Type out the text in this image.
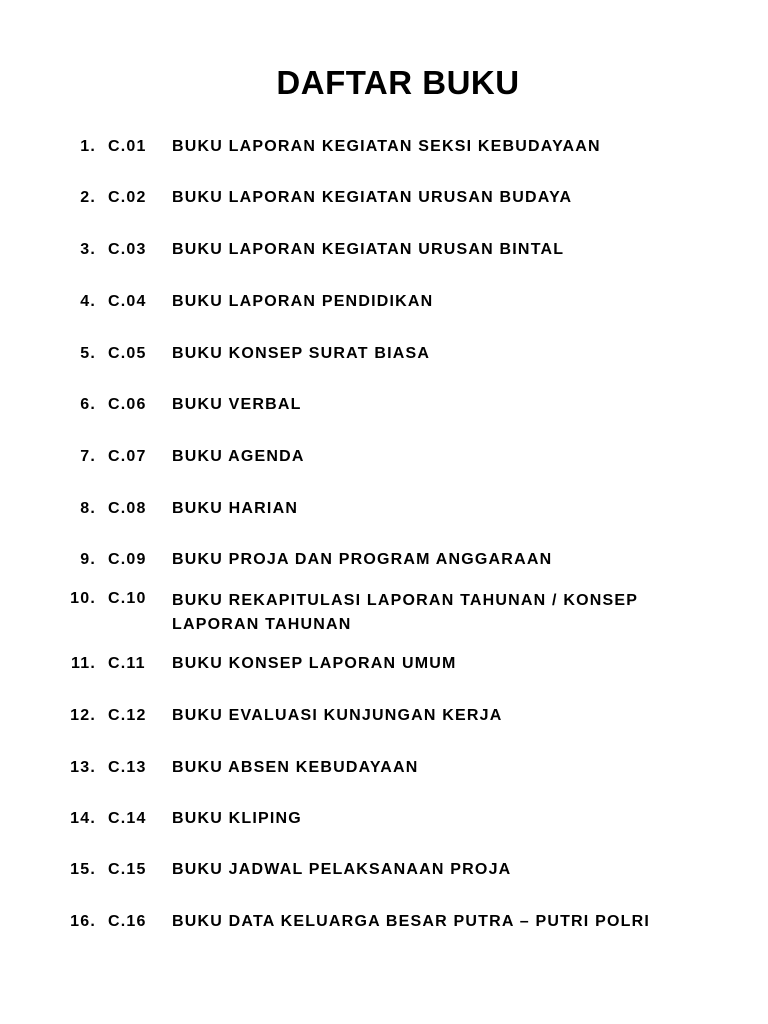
DAFTAR BUKU
1. C.01 BUKU LAPORAN KEGIATAN SEKSI KEBUDAYAAN
2. C.02 BUKU LAPORAN KEGIATAN URUSAN BUDAYA
3. C.03 BUKU LAPORAN KEGIATAN URUSAN BINTAL
4. C.04 BUKU LAPORAN PENDIDIKAN
5. C.05 BUKU KONSEP SURAT BIASA
6. C.06 BUKU VERBAL
7. C.07 BUKU AGENDA
8. C.08 BUKU HARIAN
9. C.09 BUKU PROJA DAN PROGRAM ANGGARAAN
10. C.10 BUKU REKAPITULASI LAPORAN TAHUNAN / KONSEP
LAPORAN TAHUNAN
11. C.11 BUKU KONSEP LAPORAN UMUM
12. C.12 BUKU EVALUASI KUNJUNGAN KERJA
13. C.13 BUKU ABSEN KEBUDAYAAN
14. C.14 BUKU KLIPING
15. C.15 BUKU JADWAL PELAKSANAAN PROJA
16. C.16 BUKU DATA KELUARGA BESAR PUTRA – PUTRI POLRI
